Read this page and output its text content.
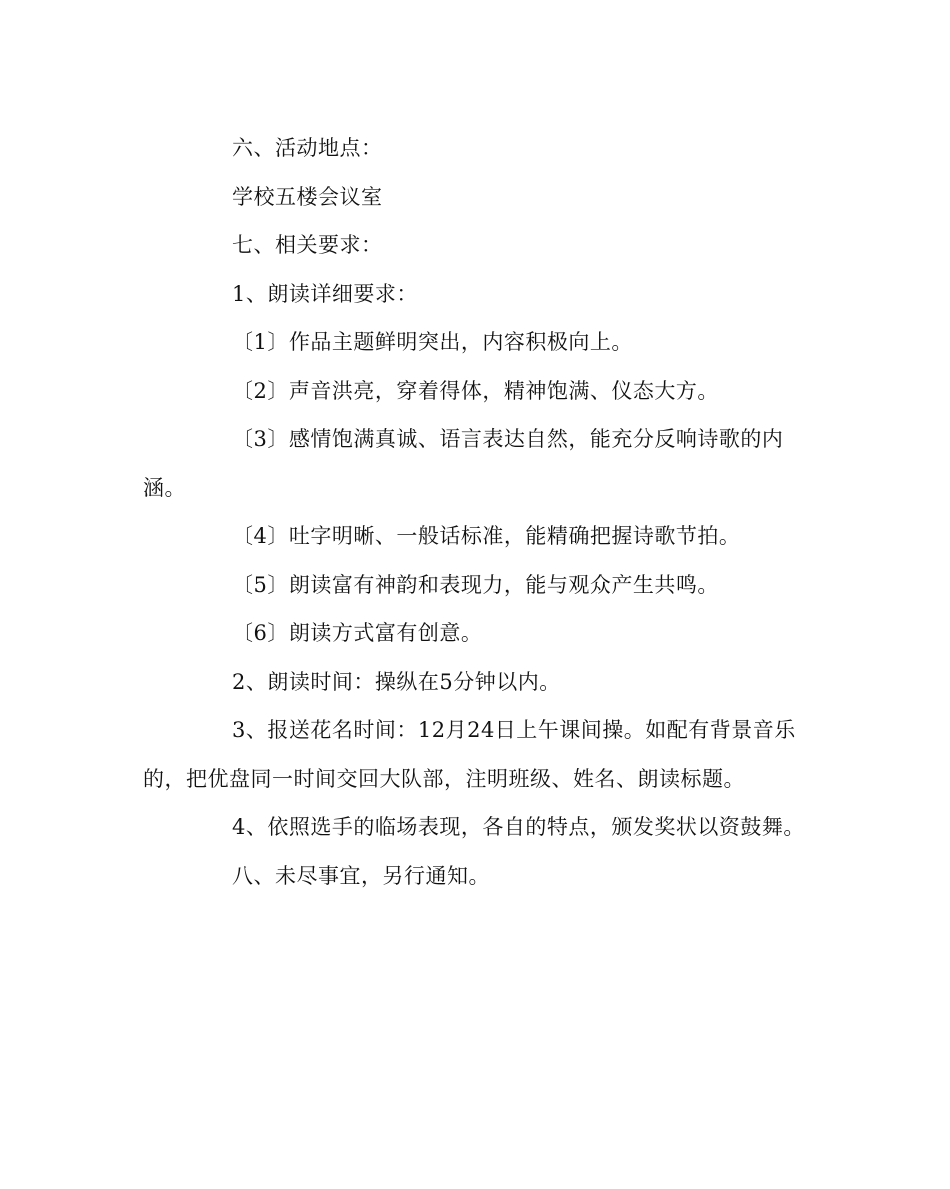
六、活动地点：

学校五楼会议室

七、相关要求：

1、朗读详细要求：

〔1〕作品主题鲜明突出，内容积极向上。

〔2〕声音洪亮，穿着得体，精神饱满、仪态大方。

〔3〕感情饱满真诚、语言表达自然，能充分反响诗歌的内涵。

〔4〕吐字明晰、一般话标准，能精确把握诗歌节拍。

〔5〕朗读富有神韵和表现力，能与观众产生共鸣。

〔6〕朗读方式富有创意。

2、朗读时间：操纵在5分钟以内。

3、报送花名时间：12月24日上午课间操。如配有背景音乐的，把优盘同一时间交回大队部，注明班级、姓名、朗读标题。

4、依照选手的临场表现，各自的特点，颁发奖状以资鼓舞。

八、未尽事宜，另行通知。
